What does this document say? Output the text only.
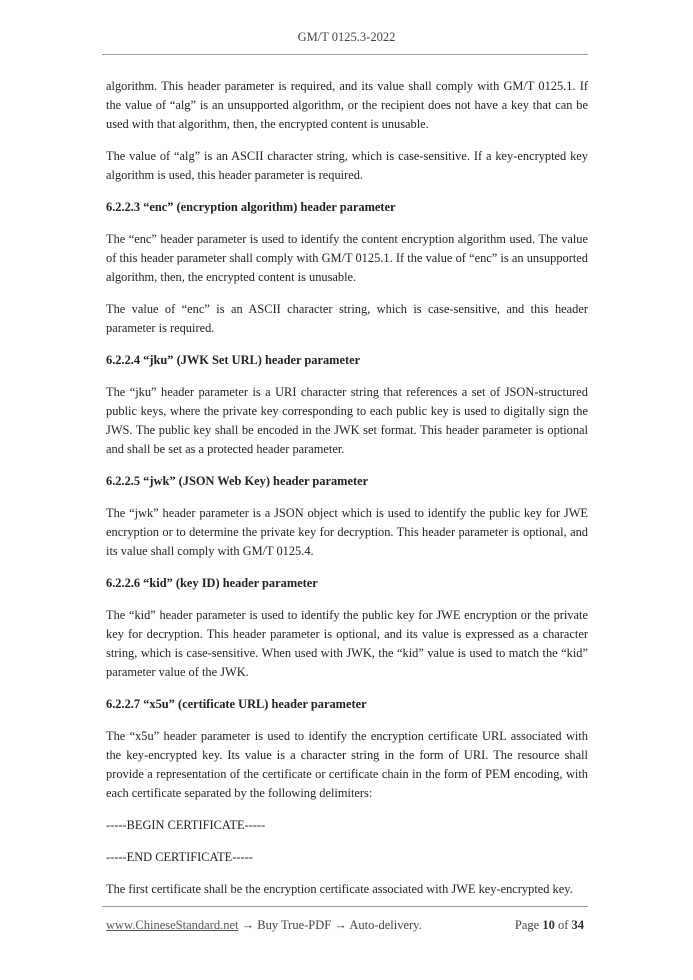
GM/T 0125.3-2022

algorithm. This header parameter is required, and its value shall comply with GM/T 0125.1. If the value of “alg” is an unsupported algorithm, or the recipient does not have a key that can be used with that algorithm, then, the encrypted content is unusable.

The value of “alg” is an ASCII character string, which is case-sensitive. If a key-encrypted key algorithm is used, this header parameter is required.

6.2.2.3 “enc” (encryption algorithm) header parameter

The “enc” header parameter is used to identify the content encryption algorithm used. The value of this header parameter shall comply with GM/T 0125.1. If the value of “enc” is an unsupported algorithm, then, the encrypted content is unusable.

The value of “enc” is an ASCII character string, which is case-sensitive, and this header parameter is required.

6.2.2.4 “jku” (JWK Set URL) header parameter

The “jku” header parameter is a URI character string that references a set of JSON-structured public keys, where the private key corresponding to each public key is used to digitally sign the JWS. The public key shall be encoded in the JWK set format. This header parameter is optional and shall be set as a protected header parameter.

6.2.2.5 “jwk” (JSON Web Key) header parameter

The “jwk” header parameter is a JSON object which is used to identify the public key for JWE encryption or to determine the private key for decryption. This header parameter is optional, and its value shall comply with GM/T 0125.4.

6.2.2.6 “kid” (key ID) header parameter

The “kid” header parameter is used to identify the public key for JWE encryption or the private key for decryption. This header parameter is optional, and its value is expressed as a character string, which is case-sensitive. When used with JWK, the “kid” value is used to match the “kid” parameter value of the JWK.

6.2.2.7 “x5u” (certificate URL) header parameter

The “x5u” header parameter is used to identify the encryption certificate URL associated with the key-encrypted key. Its value is a character string in the form of URI. The resource shall provide a representation of the certificate or certificate chain in the form of PEM encoding, with each certificate separated by the following delimiters:

-----BEGIN CERTIFICATE-----

-----END CERTIFICATE-----

The first certificate shall be the encryption certificate associated with JWE key-encrypted key.

www.ChineseStandard.net → Buy True-PDF → Auto-delivery.	Page 10 of 34
